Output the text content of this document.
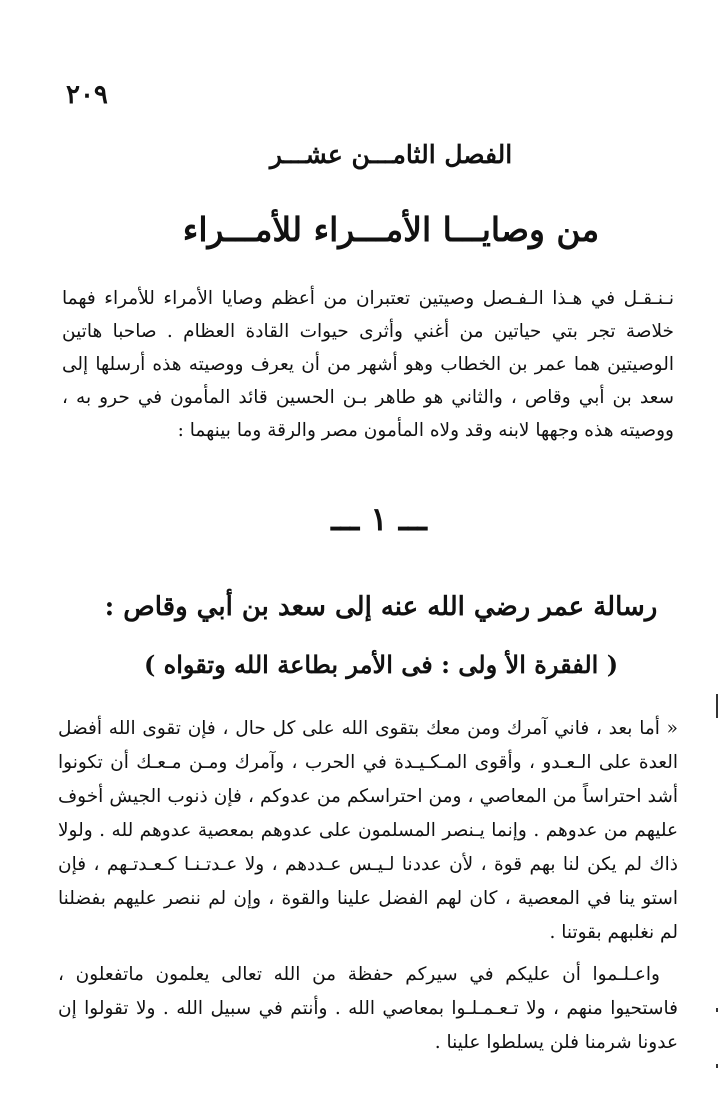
٢٠٩
الفصل الثامـــن عشـــر
من وصايـــا الأمـــراء للأمـــراء
نـنـقـل في هـذا الـفـصل وصيتين تعتبران من أعظم وصايا الأمراء للأمراء فهما خلاصة تجر بتي حياتين من أغني وأثرى حيوات القادة العظام . صاحبا هاتين الوصيتين هما عمر بن الخطاب وهو أشهر من أن يعرف ووصيته هذه أرسلها إلى سعد بن أبي وقاص ، والثاني هو طاهر بـن الحسين قائد المأمون في حرو به ، ووصيته هذه وجهها لابنه وقد ولاه المأمون مصر والرقة وما بينهما :
ـــ ١ ـــ
رسالة عمر رضي الله عنه إلى سعد بن أبي وقاص :
( الفقرة الأ ولى : فى الأمر بطاعة الله وتقواه )

« أما بعد ، فاني آمرك ومن معك بتقوى الله على كل حال ، فإن تقوى الله أفضل العدة على الـعـدو ، وأقوى المـكـيـدة في الحرب ، وآمرك ومـن مـعـك أن تكونوا أشد احتراساً من المعاصي ، ومن احتراسكم من عدوكم ، فإن ذنوب الجيش أخوف عليهم من عدوهم . وإنما يـنصر المسلمون على عدوهم بمعصية عدوهم لله . ولولا ذاك لم يكن لنا بهم قوة ، لأن عددنا لـيـس عـددهم ، ولا عـدتـنـا كـعـدتـهم ، فإن استو ينا في المعصية ، كان لهم الفضل علينا والقوة ، وإن لم ننصر عليهم بفضلنا لم نغلبهم بقوتنا .

واعـلـموا أن عليكم في سيركم حفظة من الله تعالى يعلمون ماتفعلون ، فاستحيوا منهم ، ولا تـعـمـلـوا بمعاصي الله . وأنتم في سبيل الله . ولا تقولوا إن عدونا شرمنا فلن يسلطوا علينا .
